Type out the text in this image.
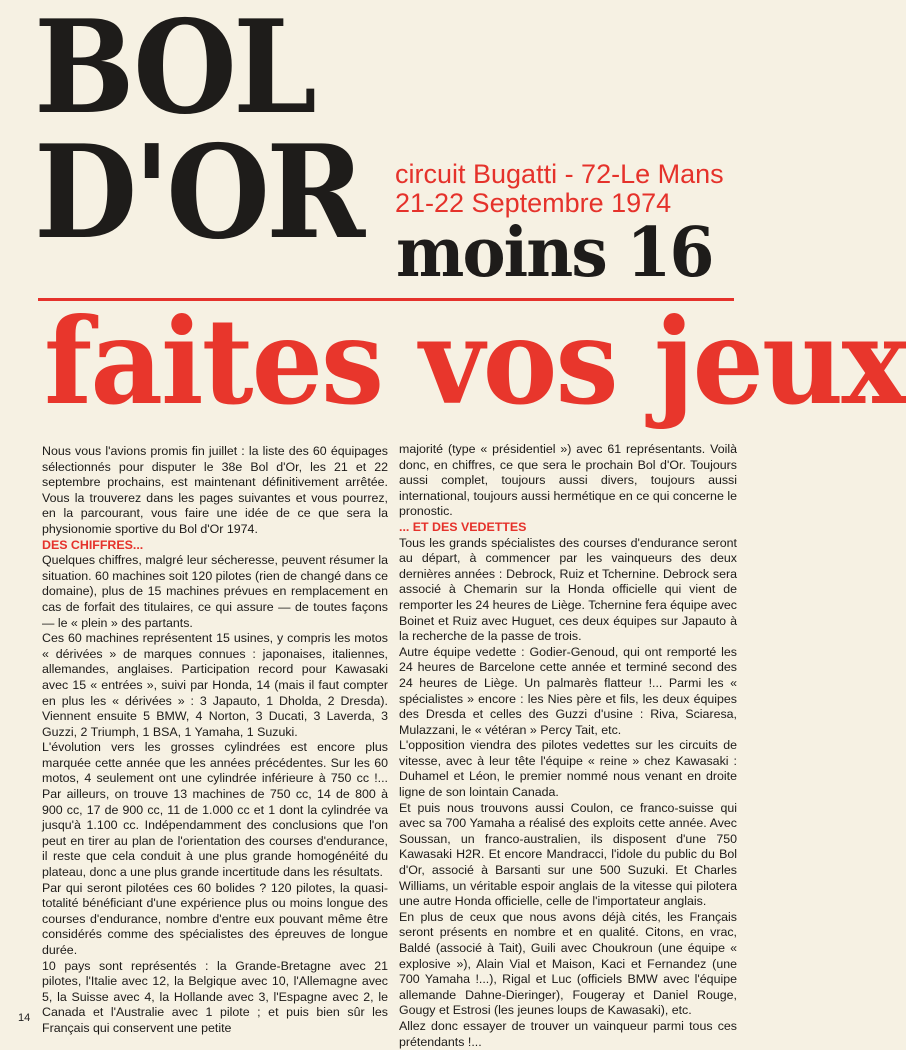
BOL
D'OR circuit Bugatti - 72-Le Mans
21-22 Septembre 1974
moins 16
faites vos jeux

Nous vous l'avions promis fin juillet : la liste des 60 équipages sélectionnés pour disputer le 38e Bol d'Or, les 21 et 22 septembre prochains, est maintenant définitivement arrêtée. Vous la trouverez dans les pages suivantes et vous pourrez, en la parcourant, vous faire une idée de ce que sera la physionomie sportive du Bol d'Or 1974.

DES CHIFFRES...

Quelques chiffres, malgré leur sécheresse, peuvent résumer la situation. 60 machines soit 120 pilotes (rien de changé dans ce domaine), plus de 15 machines prévues en remplacement en cas de forfait des titulaires, ce qui assure — de toutes façons — le « plein » des partants.

Ces 60 machines représentent 15 usines, y compris les motos « dérivées » de marques connues : japonaises, italiennes, allemandes, anglaises. Participation record pour Kawasaki avec 15 « entrées », suivi par Honda, 14 (mais il faut compter en plus les « dérivées » : 3 Japauto, 1 Dholda, 2 Dresda). Viennent ensuite 5 BMW, 4 Norton, 3 Ducati, 3 Laverda, 3 Guzzi, 2 Triumph, 1 BSA, 1 Yamaha, 1 Suzuki.

L'évolution vers les grosses cylindrées est encore plus marquée cette année que les années précédentes. Sur les 60 motos, 4 seulement ont une cylindrée inférieure à 750 cc !... Par ailleurs, on trouve 13 machines de 750 cc, 14 de 800 à 900 cc, 17 de 900 cc, 11 de 1.000 cc et 1 dont la cylindrée va jusqu'à 1.100 cc. Indépendamment des conclusions que l'on peut en tirer au plan de l'orientation des courses d'endurance, il reste que cela conduit à une plus grande homogénéité du plateau, donc a une plus grande incertitude dans les résultats.

Par qui seront pilotées ces 60 bolides ? 120 pilotes, la quasi-totalité bénéficiant d'une expérience plus ou moins longue des courses d'endurance, nombre d'entre eux pouvant même être considérés comme des spécialistes des épreuves de longue durée.

10 pays sont représentés : la Grande-Bretagne avec 21 pilotes, l'Italie avec 12, la Belgique avec 10, l'Allemagne avec 5, la Suisse avec 4, la Hollande avec 3, l'Espagne avec 2, le Canada et l'Australie avec 1 pilote ; et puis bien sûr les Français qui conservent une petite

majorité (type « présidentiel ») avec 61 représentants. Voilà donc, en chiffres, ce que sera le prochain Bol d'Or. Toujours aussi complet, toujours aussi divers, toujours aussi international, toujours aussi hermétique en ce qui concerne le pronostic.

... ET DES VEDETTES

Tous les grands spécialistes des courses d'endurance seront au départ, à commencer par les vainqueurs des deux dernières années : Debrock, Ruiz et Tchernine. Debrock sera associé à Chemarin sur la Honda officielle qui vient de remporter les 24 heures de Liège. Tchernine fera équipe avec Boinet et Ruiz avec Huguet, ces deux équipes sur Japauto à la recherche de la passe de trois.

Autre équipe vedette : Godier-Genoud, qui ont remporté les 24 heures de Barcelone cette année et terminé second des 24 heures de Liège. Un palmarès flatteur !... Parmi les « spécialistes » encore : les Nies père et fils, les deux équipes des Dresda et celles des Guzzi d'usine : Riva, Sciaresa, Mulazzani, le « vétéran » Percy Tait, etc.

L'opposition viendra des pilotes vedettes sur les circuits de vitesse, avec à leur tête l'équipe « reine » chez Kawasaki : Duhamel et Léon, le premier nommé nous venant en droite ligne de son lointain Canada.

Et puis nous trouvons aussi Coulon, ce franco-suisse qui avec sa 700 Yamaha a réalisé des exploits cette année. Avec Soussan, un franco-australien, ils disposent d'une 750 Kawasaki H2R. Et encore Mandracci, l'idole du public du Bol d'Or, associé à Barsanti sur une 500 Suzuki. Et Charles Williams, un véritable espoir anglais de la vitesse qui pilotera une autre Honda officielle, celle de l'importateur anglais.

En plus de ceux que nous avons déjà cités, les Français seront présents en nombre et en qualité. Citons, en vrac, Baldé (associé à Tait), Guili avec Choukroun (une équipe « explosive »), Alain Vial et Maison, Kaci et Fernandez (une 700 Yamaha !...), Rigal et Luc (officiels BMW avec l'équipe allemande Dahne-Dieringer), Fougeray et Daniel Rouge, Gougy et Estrosi (les jeunes loups de Kawasaki), etc.

Allez donc essayer de trouver un vainqueur parmi tous ces prétendants !...

14
